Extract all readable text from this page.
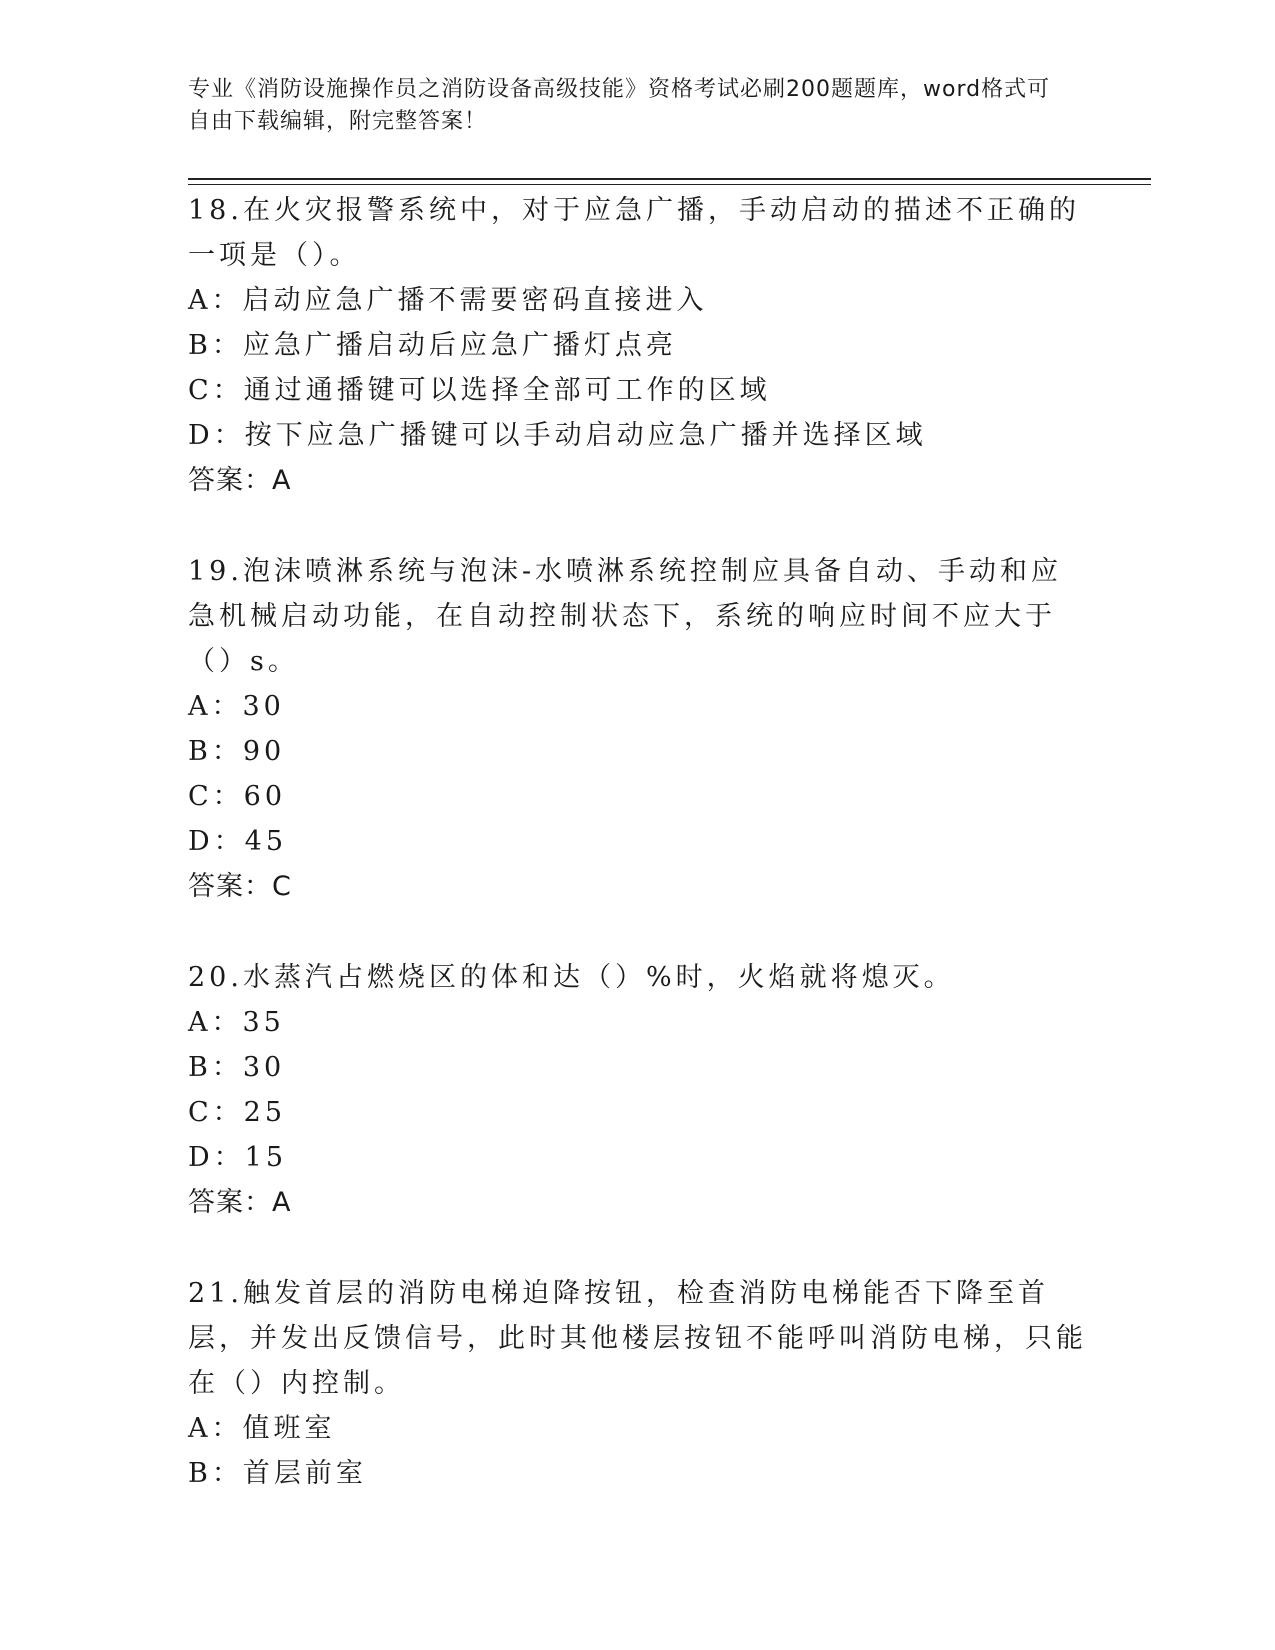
专业《消防设施操作员之消防设备高级技能》资格考试必刷200题题库，word格式可自由下载编辑，附完整答案！

18.在火灾报警系统中，对于应急广播，手动启动的描述不正确的一项是（）。

A：启动应急广播不需要密码直接进入

B：应急广播启动后应急广播灯点亮

C：通过通播键可以选择全部可工作的区域

D：按下应急广播键可以手动启动应急广播并选择区域

答案：A

19.泡沫喷淋系统与泡沫-水喷淋系统控制应具备自动、手动和应急机械启动功能，在自动控制状态下，系统的响应时间不应大于（）s。

A：30

B：90

C：60

D：45

答案：C

20.水蒸汽占燃烧区的体和达（）%时，火焰就将熄灭。

A：35

B：30

C：25

D：15

答案：A

21.触发首层的消防电梯迫降按钮，检查消防电梯能否下降至首层，并发出反馈信号，此时其他楼层按钮不能呼叫消防电梯，只能在（）内控制。

A：值班室

B：首层前室
